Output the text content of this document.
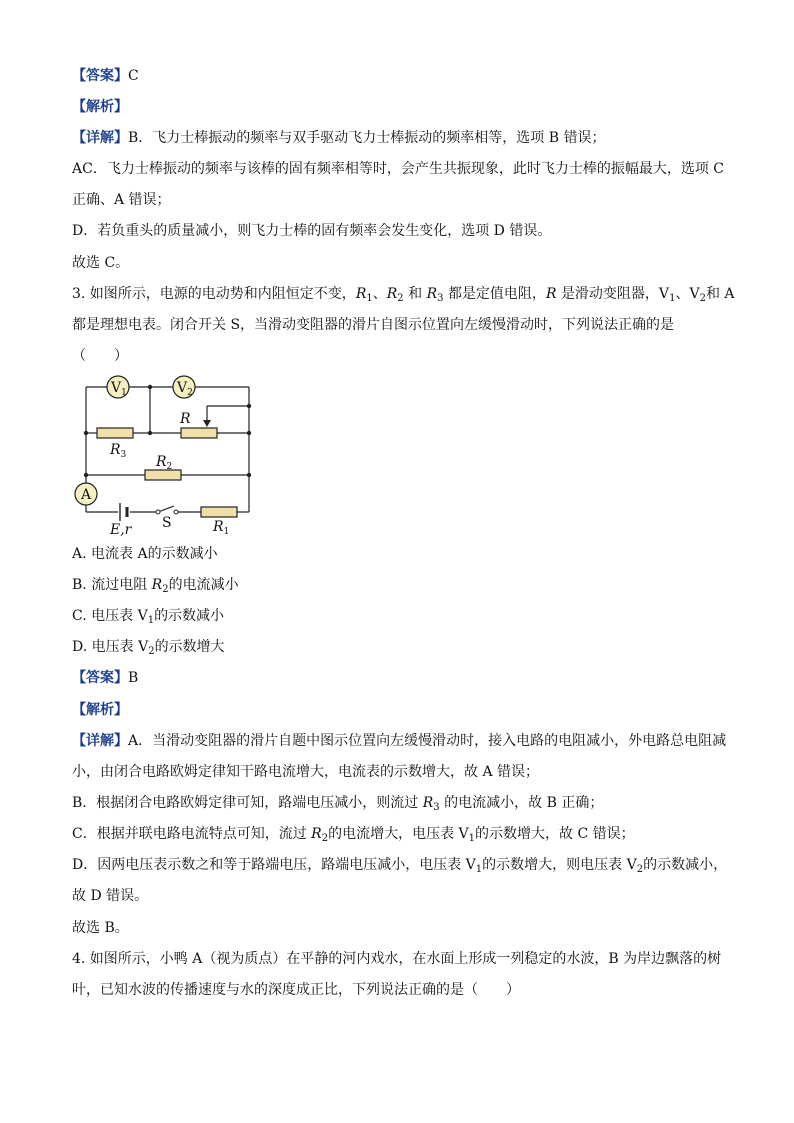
【答案】C
【解析】
【详解】B．飞力士棒振动的频率与双手驱动飞力士棒振动的频率相等，选项 B 错误；
AC．飞力士棒振动的频率与该棒的固有频率相等时，会产生共振现象，此时飞力士棒的振幅最大，选项 C
正确、A 错误；
D．若负重头的质量减小，则飞力士棒的固有频率会发生变化，选项 D 错误。
故选 C。
3. 如图所示，电源的电动势和内阻恒定不变，$R_1$、$R_2$ 和 $R_3$ 都是定值电阻，R 是滑动变阻器，$V_1$、$V_2$和 A
都是理想电表。闭合开关 S，当滑动变阻器的滑片自图示位置向左缓慢滑动时，下列说法正确的是
（　　）
$V_1$	$V_2$
A
R
$R_3$ $R_2$
E,r S	$R_1$
A. 电流表 A的示数减小
B. 流过电阻 $R_2$的电流减小
C. 电压表 $V_1$的示数减小
D. 电压表 $V_2$的示数增大
【答案】B
【解析】
【详解】A．当滑动变阻器的滑片自题中图示位置向左缓慢滑动时，接入电路的电阻减小，外电路总电阻减
小，由闭合电路欧姆定律知干路电流增大，电流表的示数增大，故 A 错误；
B．根据闭合电路欧姆定律可知，路端电压减小，则流过 $R_3$ 的电流减小，故 B 正确；
C．根据并联电路电流特点可知，流过 $R_2$的电流增大，电压表 $V_1$的示数增大，故 C 错误；
D．因两电压表示数之和等于路端电压，路端电压减小，电压表 $V_1$的示数增大，则电压表 $V_2$的示数减小，
故 D 错误。
故选 B。
4. 如图所示，小鸭 A（视为质点）在平静的河内戏水，在水面上形成一列稳定的水波，B 为岸边飘落的树
叶，已知水波的传播速度与水的深度成正比，下列说法正确的是（　　）
